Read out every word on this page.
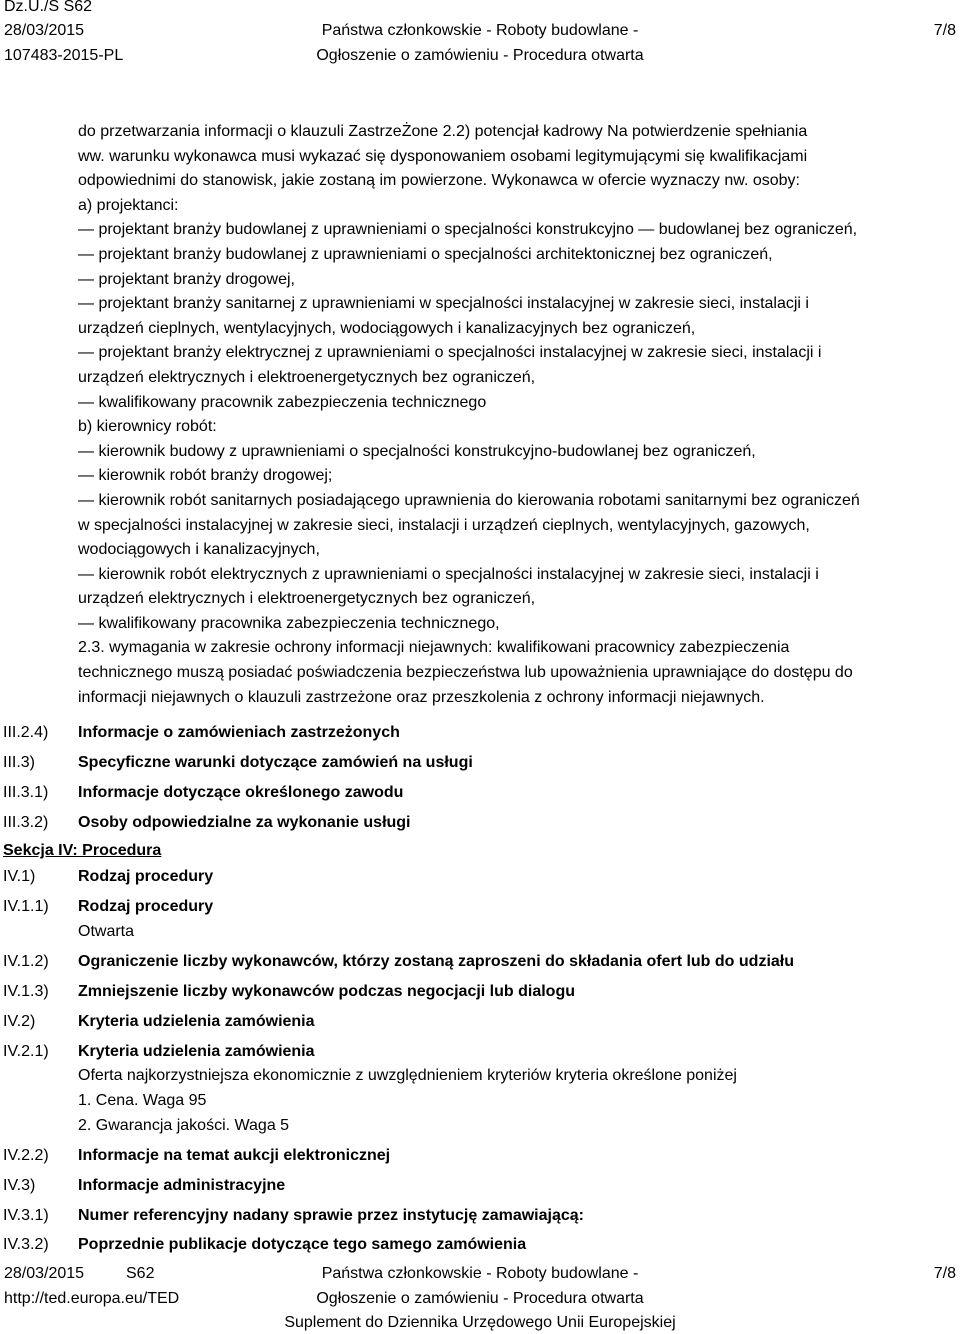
Dz.U./S S62
28/03/2015
107483-2015-PL
Państwa członkowskie - Roboty budowlane -
Ogłoszenie o zamówieniu - Procedura otwarta
7/8

do przetwarzania informacji o klauzuli ZastrzeŻone 2.2) potencjał kadrowy Na potwierdzenie spełniania

ww. warunku wykonawca musi wykazać się dysponowaniem osobami legitymującymi się kwalifikacjami

odpowiednimi do stanowisk, jakie zostaną im powierzone. Wykonawca w ofercie wyznaczy nw. osoby:

a) projektanci:

— projektant branży budowlanej z uprawnieniami o specjalności konstrukcyjno — budowlanej bez ograniczeń,

— projektant branży budowlanej z uprawnieniami o specjalności architektonicznej bez ograniczeń,

— projektant branży drogowej,

— projektant branży sanitarnej z uprawnieniami w specjalności instalacyjnej w zakresie sieci, instalacji i

urządzeń cieplnych, wentylacyjnych, wodociągowych i kanalizacyjnych bez ograniczeń,

— projektant branży elektrycznej z uprawnieniami o specjalności instalacyjnej w zakresie sieci, instalacji i

urządzeń elektrycznych i elektroenergetycznych bez ograniczeń,

— kwalifikowany pracownik zabezpieczenia technicznego

b) kierownicy robót:

— kierownik budowy z uprawnieniami o specjalności konstrukcyjno-budowlanej bez ograniczeń,

— kierownik robót branży drogowej;

— kierownik robót sanitarnych posiadającego uprawnienia do kierowania robotami sanitarnymi bez ograniczeń

w specjalności instalacyjnej w zakresie sieci, instalacji i urządzeń cieplnych, wentylacyjnych, gazowych,

wodociągowych i kanalizacyjnych,

— kierownik robót elektrycznych z uprawnieniami o specjalności instalacyjnej w zakresie sieci, instalacji i

urządzeń elektrycznych i elektroenergetycznych bez ograniczeń,

— kwalifikowany pracownika zabezpieczenia technicznego,

2.3. wymagania w zakresie ochrony informacji niejawnych: kwalifikowani pracownicy zabezpieczenia

technicznego muszą posiadać poświadczenia bezpieczeństwa lub upoważnienia uprawniające do dostępu do

informacji niejawnych o klauzuli zastrzeżone oraz przeszkolenia z ochrony informacji niejawnych.

III.2.4) Informacje o zamówieniach zastrzeżonych
III.3)	Specyficzne warunki dotyczące zamówień na usługi
III.3.1) Informacje dotyczące określonego zawodu
III.3.2) Osoby odpowiedzialne za wykonanie usługi
Sekcja IV: Procedura
IV.1)	Rodzaj procedury
IV.1.1) Rodzaj procedury
Otwarta
IV.1.2) Ograniczenie liczby wykonawców, którzy zostaną zaproszeni do składania ofert lub do udziału
IV.1.3) Zmniejszenie liczby wykonawców podczas negocjacji lub dialogu
IV.2)	Kryteria udzielenia zamówienia
IV.2.1) Kryteria udzielenia zamówienia
Oferta najkorzystniejsza ekonomicznie z uwzględnieniem kryteriów kryteria określone poniżej
1. Cena. Waga 95
2. Gwarancja jakości. Waga 5
IV.2.2) Informacje na temat aukcji elektronicznej
IV.3)	Informacje administracyjne
IV.3.1) Numer referencyjny nadany sprawie przez instytucję zamawiającą:
IV.3.2) Poprzednie publikacje dotyczące tego samego zamówienia
28/03/2015	S62
http://ted.europa.eu/TED
Państwa członkowskie - Roboty budowlane -
Ogłoszenie o zamówieniu - Procedura otwarta
Suplement do Dziennika Urzędowego Unii Europejskiej
7/8
